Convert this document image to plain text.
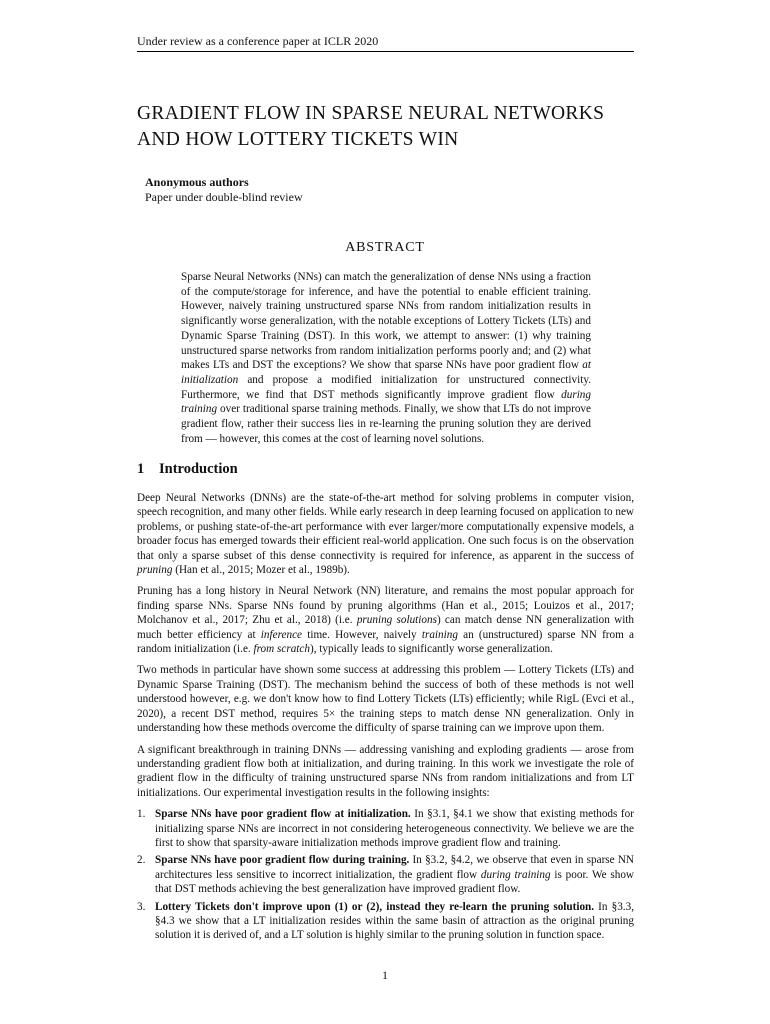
Under review as a conference paper at ICLR 2020
GRADIENT FLOW IN SPARSE NEURAL NETWORKS
AND HOW LOTTERY TICKETS WIN
Anonymous authors
Paper under double-blind review
ABSTRACT

Sparse Neural Networks (NNs) can match the generalization of dense NNs using a fraction of the compute/storage for inference, and have the potential to enable efficient training. However, naively training unstructured sparse NNs from random initialization results in significantly worse generalization, with the notable exceptions of Lottery Tickets (LTs) and Dynamic Sparse Training (DST). In this work, we attempt to answer: (1) why training unstructured sparse networks from random initialization performs poorly and; and (2) what makes LTs and DST the exceptions? We show that sparse NNs have poor gradient flow at initialization and propose a modified initialization for unstructured connectivity. Furthermore, we find that DST methods significantly improve gradient flow during training over traditional sparse training methods. Finally, we show that LTs do not improve gradient flow, rather their success lies in re-learning the pruning solution they are derived from — however, this comes at the cost of learning novel solutions.

1 Introduction

Deep Neural Networks (DNNs) are the state-of-the-art method for solving problems in computer vision, speech recognition, and many other fields. While early research in deep learning focused on application to new problems, or pushing state-of-the-art performance with ever larger/more computationally expensive models, a broader focus has emerged towards their efficient real-world application. One such focus is on the observation that only a sparse subset of this dense connectivity is required for inference, as apparent in the success of pruning (Han et al., 2015; Mozer et al., 1989b).

Pruning has a long history in Neural Network (NN) literature, and remains the most popular approach for finding sparse NNs. Sparse NNs found by pruning algorithms (Han et al., 2015; Louizos et al., 2017; Molchanov et al., 2017; Zhu et al., 2018) (i.e. pruning solutions) can match dense NN generalization with much better efficiency at inference time. However, naively training an (unstructured) sparse NN from a random initialization (i.e. from scratch), typically leads to significantly worse generalization.

Two methods in particular have shown some success at addressing this problem — Lottery Tickets (LTs) and Dynamic Sparse Training (DST). The mechanism behind the success of both of these methods is not well understood however, e.g. we don't know how to find Lottery Tickets (LTs) efficiently; while RigL (Evci et al., 2020), a recent DST method, requires 5× the training steps to match dense NN generalization. Only in understanding how these methods overcome the difficulty of sparse training can we improve upon them.

A significant breakthrough in training DNNs — addressing vanishing and exploding gradients — arose from understanding gradient flow both at initialization, and during training. In this work we investigate the role of gradient flow in the difficulty of training unstructured sparse NNs from random initializations and from LT initializations. Our experimental investigation results in the following insights:

1. Sparse NNs have poor gradient flow at initialization. In §3.1, §4.1 we show that existing methods for initializing sparse NNs are incorrect in not considering heterogeneous connectivity. We believe we are the first to show that sparsity-aware initialization methods improve gradient flow and training.
2. Sparse NNs have poor gradient flow during training. In §3.2, §4.2, we observe that even in sparse NN architectures less sensitive to incorrect initialization, the gradient flow during training is poor. We show that DST methods achieving the best generalization have improved gradient flow.
3. Lottery Tickets don't improve upon (1) or (2), instead they re-learn the pruning solution. In §3.3, §4.3 we show that a LT initialization resides within the same basin of attraction as the original pruning solution it is derived of, and a LT solution is highly similar to the pruning solution in function space.
1
